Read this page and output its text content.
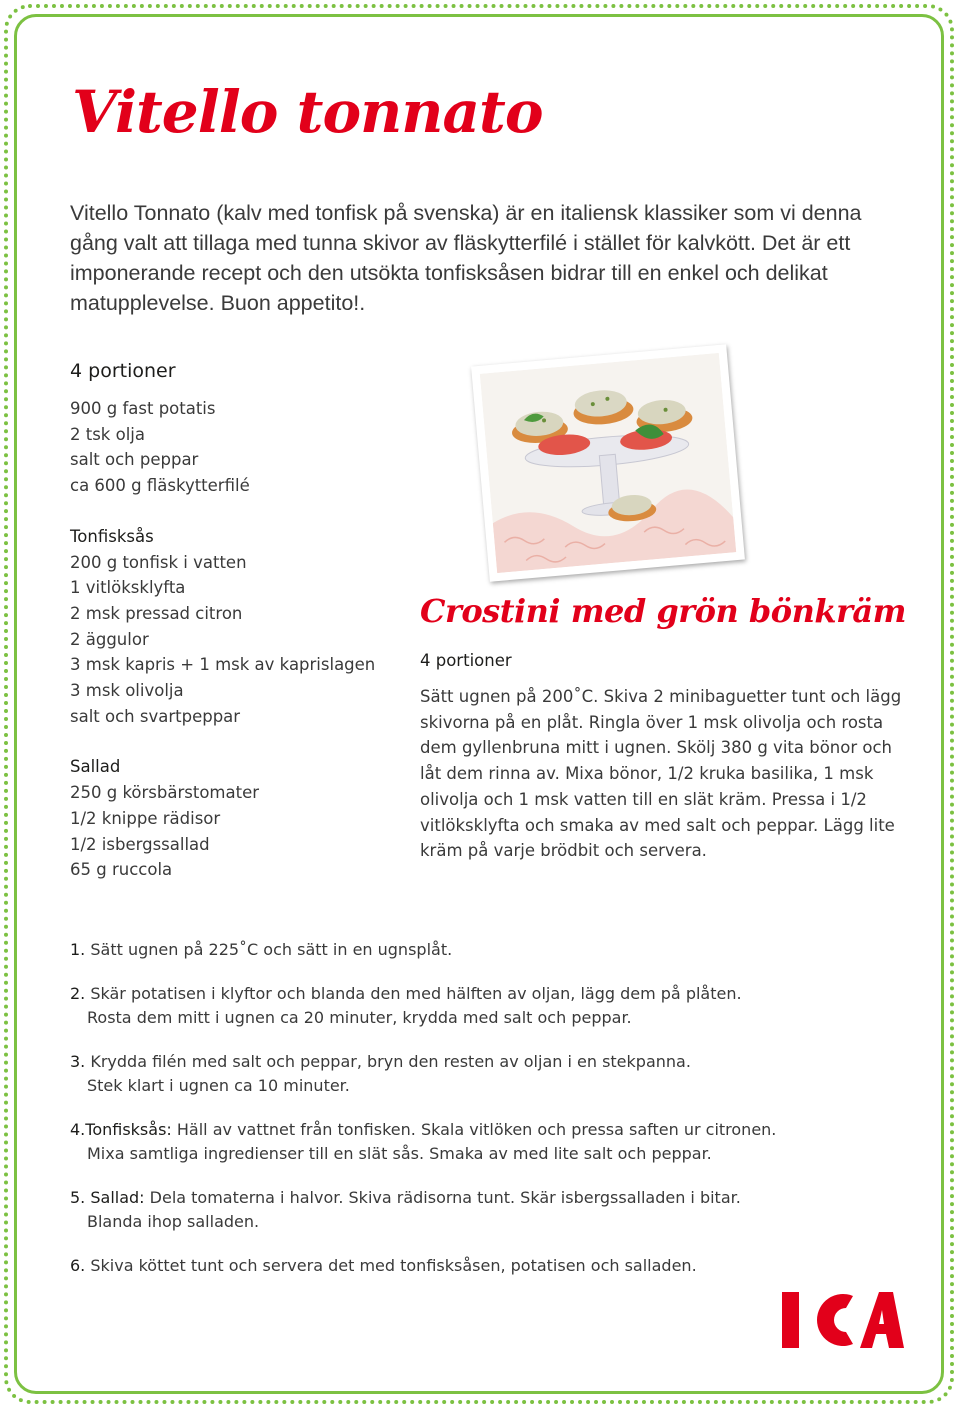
Vitello tonnato

Vitello Tonnato (kalv med tonfisk på svenska) är en italiensk klassiker som vi denna gång valt att tillaga med tunna skivor av fläskytterfilé i stället för kalvkött. Det är ett imponerande recept och den utsökta tonfisksåsen bidrar till en enkel och delikat matupplevelse. Buon appetito!.

4 portioner
900 g fast potatis
2 tsk olja
salt och peppar
ca 600 g fläskytterfilé
Tonfisksås
200 g tonfisk i vatten
1 vitlöksklyfta
2 msk pressad citron
2 äggulor
3 msk kapris + 1 msk av kaprislagen
3 msk olivolja
salt och svartpeppar
Sallad
250 g körsbärstomater
1/2 knippe rädisor
1/2 isbergssallad
65 g ruccola
Crostini med grön bönkräm
4 portioner

Sätt ugnen på 200˚C. Skiva 2 minibaguetter tunt och lägg skivorna på en plåt. Ringla över 1 msk olivolja och rosta dem gyllenbruna mitt i ugnen. Skölj 380 g vita bönor och låt dem rinna av. Mixa bönor, 1/2 kruka basilika, 1 msk olivolja och 1 msk vatten till en slät kräm. Pressa i 1/2 vitlöksklyfta och smaka av med salt och peppar. Lägg lite kräm på varje brödbit och servera.

1. Sätt ugnen på 225˚C och sätt in en ugnsplåt.

2. Skär potatisen i klyftor och blanda den med hälften av oljan, lägg dem på plåten.
Rosta dem mitt i ugnen ca 20 minuter, krydda med salt och peppar.

3. Krydda filén med salt och peppar, bryn den resten av oljan i en stekpanna.
Stek klart i ugnen ca 10 minuter.

4.Tonfisksås: Häll av vattnet från tonfisken. Skala vitlöken och pressa saften ur citronen.
Mixa samtliga ingredienser till en slät sås. Smaka av med lite salt och peppar.

5. Sallad: Dela tomaterna i halvor. Skiva rädisorna tunt. Skär isbergssalladen i bitar.
Blanda ihop salladen.

6. Skiva köttet tunt och servera det med tonfisksåsen, potatisen och salladen.
